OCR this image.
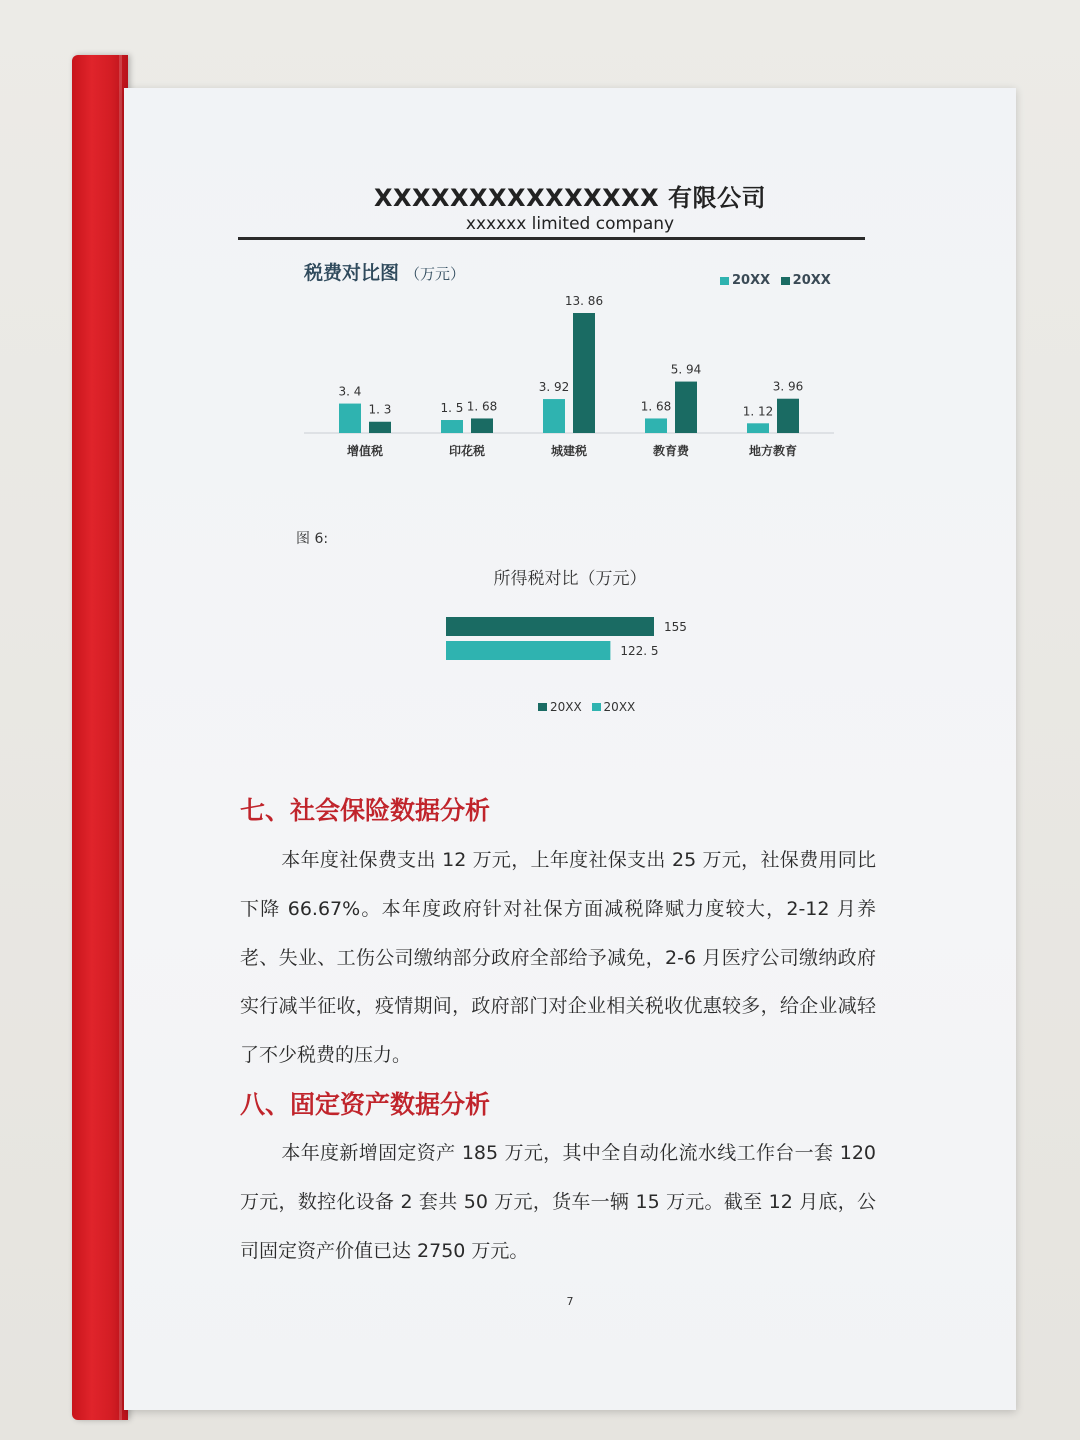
XXXXXXXXXXXXXXX 有限公司
xxxxxx limited company
税费对比图 （万元）	20XX 20XX
3. 4
1. 3
增值税
1. 5 1. 68
印花税
3. 92
13. 86
城建税
1. 68
5. 94
教育费
1. 12
3. 96
地方教育
图 6:
所得税对比（万元）
155
122. 5
20XX 20XX
七、社会保险数据分析

本年度社保费支出 12 万元，上年度社保支出 25 万元，社保费用同比下降 66.67%。本年度政府针对社保方面减税降赋力度较大，2-12 月养老、失业、工伤公司缴纳部分政府全部给予减免，2-6 月医疗公司缴纳政府实行减半征收，疫情期间，政府部门对企业相关税收优惠较多，给企业减轻了不少税费的压力。

八、固定资产数据分析

本年度新增固定资产 185 万元，其中全自动化流水线工作台一套 120 万元，数控化设备 2 套共 50 万元，货车一辆 15 万元。截至 12 月底，公司固定资产价值已达 2750 万元。

7
